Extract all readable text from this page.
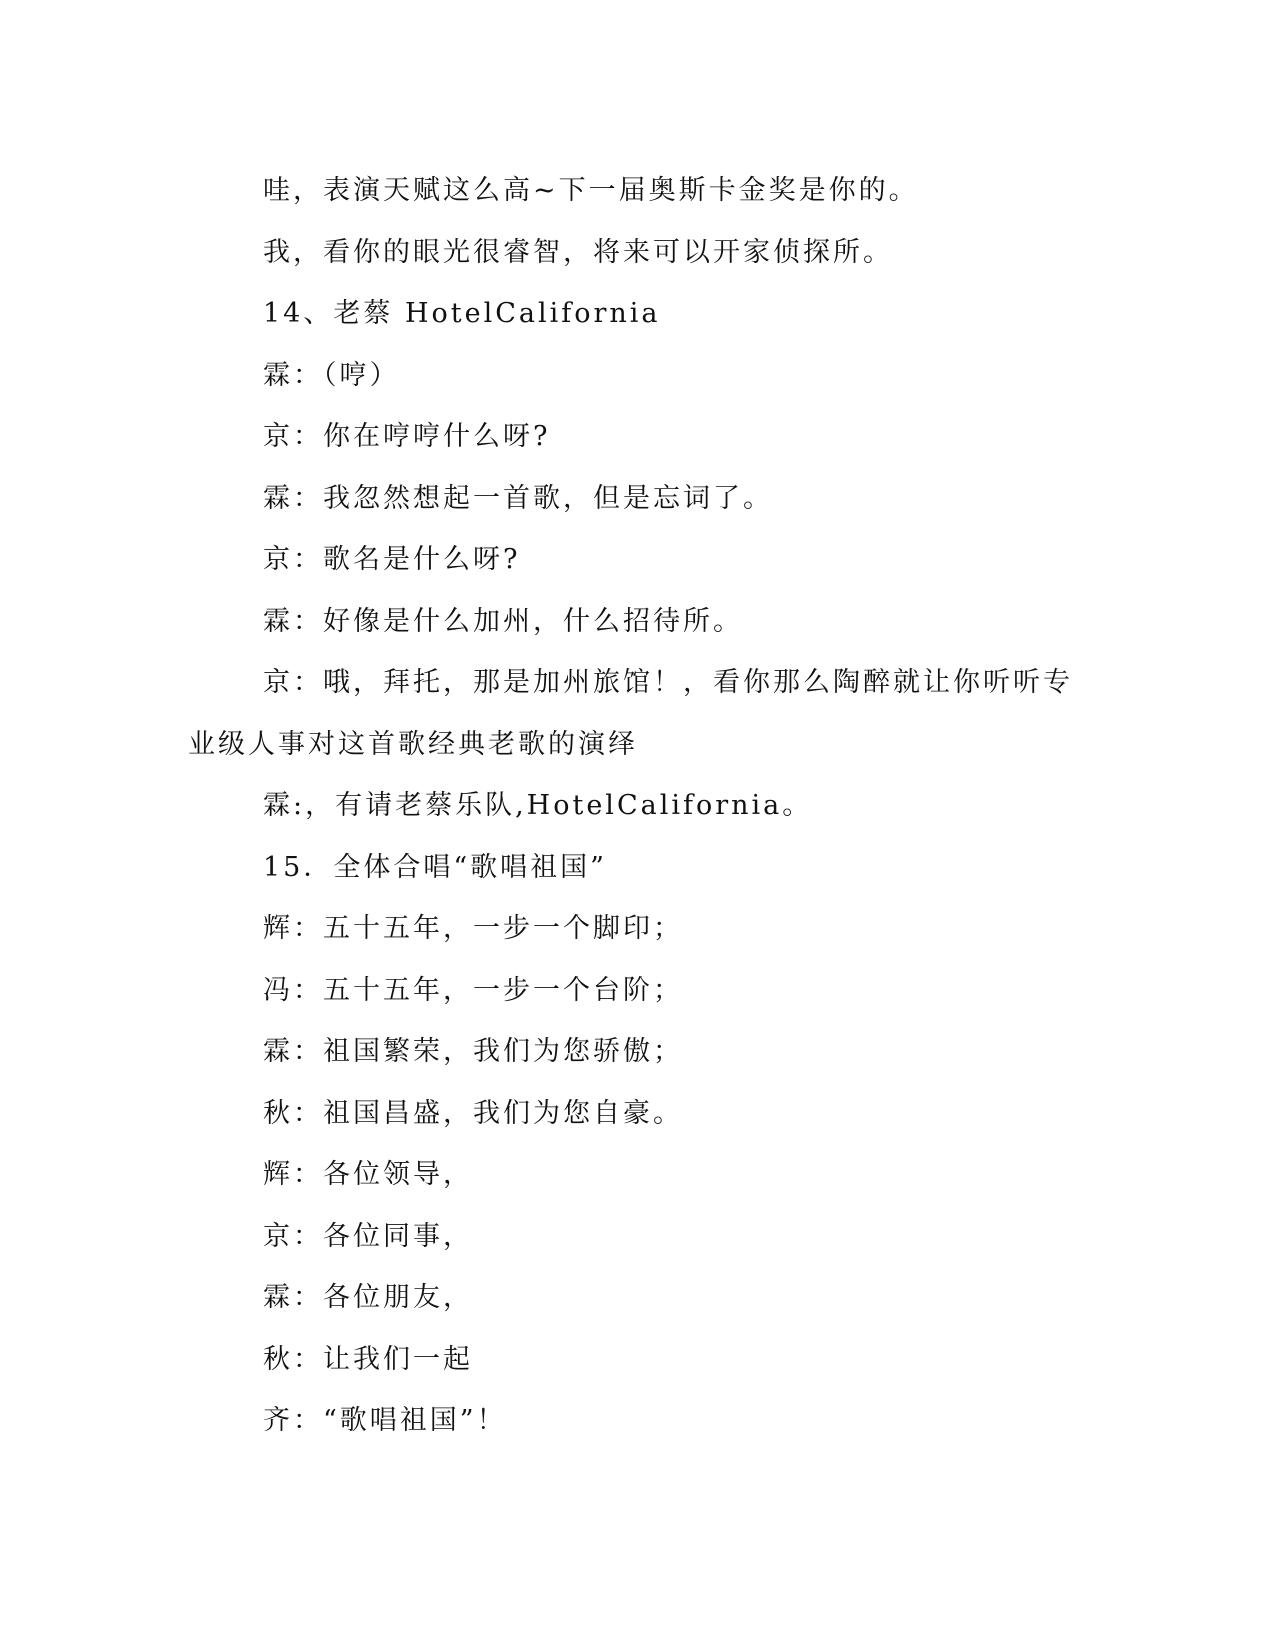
哇，表演天赋这么高~下一届奥斯卡金奖是你的。

我，看你的眼光很睿智，将来可以开家侦探所。

14、老蔡 HotelCalifornia

霖：（哼）

京：你在哼哼什么呀?

霖：我忽然想起一首歌，但是忘词了。

京：歌名是什么呀?

霖：好像是什么加州，什么招待所。

京：哦，拜托，那是加州旅馆！，看你那么陶醉就让你听听专业级人事对这首歌经典老歌的演绎

霖:，有请老蔡乐队,HotelCalifornia。

15．全体合唱“歌唱祖国”

辉：五十五年，一步一个脚印；

冯：五十五年，一步一个台阶；

霖：祖国繁荣，我们为您骄傲；

秋：祖国昌盛，我们为您自豪。

辉：各位领导，

京：各位同事，

霖：各位朋友，

秋：让我们一起

齐：“歌唱祖国”！
